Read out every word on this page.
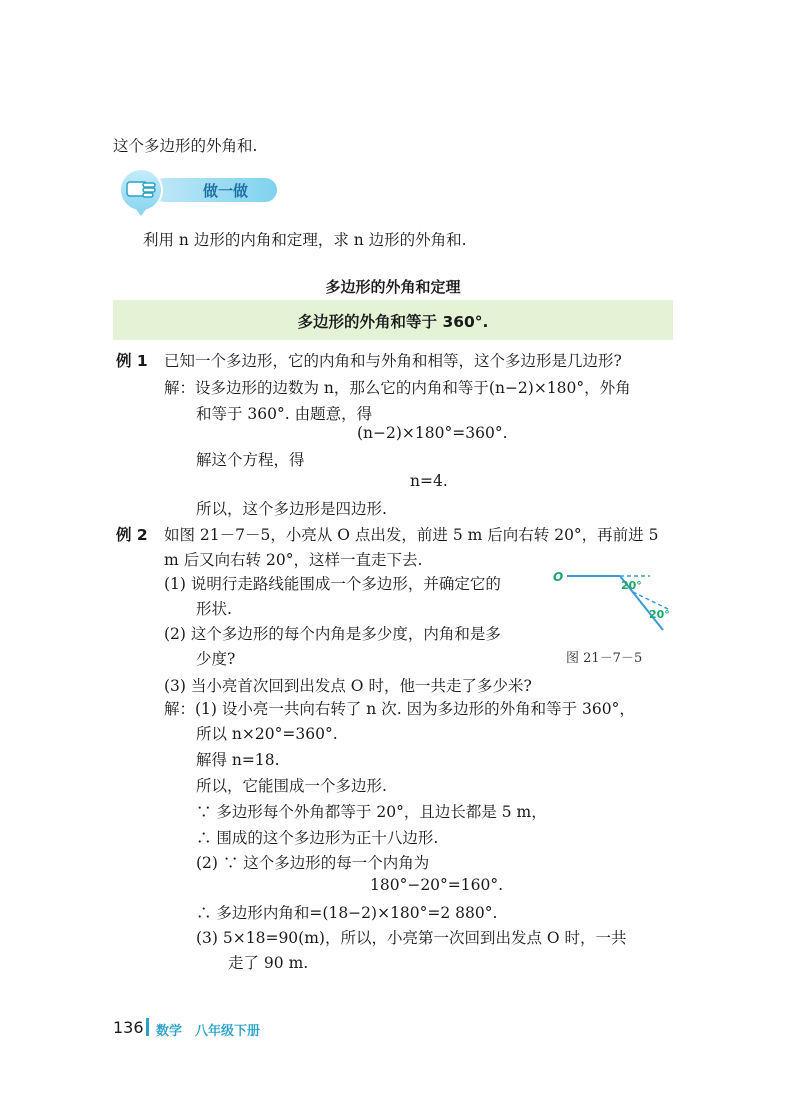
这个多边形的外角和.
做一做
利用 n 边形的内角和定理，求 n 边形的外角和.
多边形的外角和定理
多边形的外角和等于 360°.
例 1 已知一个多边形，它的内角和与外角和相等，这个多边形是几边形?
解：设多边形的边数为 n，那么它的内角和等于(n−2)×180°，外角
和等于 360°. 由题意，得
(n−2)×180°=360°.
解这个方程，得
n=4.
所以，这个多边形是四边形.
例 2 如图 21－7－5，小亮从 O 点出发，前进 5 m 后向右转 20°，再前进 5
m 后又向右转 20°，这样一直走下去.
(1) 说明行走路线能围成一个多边形，并确定它的
形状.
(2) 这个多边形的每个内角是多少度，内角和是多
少度?
(3) 当小亮首次回到出发点 O 时，他一共走了多少米?
O
20°
20°
图 21－7－5
解：(1) 设小亮一共向右转了 n 次. 因为多边形的外角和等于 360°，
所以 n×20°=360°.
解得 n=18.
所以，它能围成一个多边形.
∵ 多边形每个外角都等于 20°，且边长都是 5 m，
∴ 围成的这个多边形为正十八边形.
(2) ∵ 这个多边形的每一个内角为
180°−20°=160°.
∴ 多边形内角和=(18−2)×180°=2 880°.
(3) 5×18=90(m)，所以，小亮第一次回到出发点 O 时，一共
走了 90 m.
136 数学　八年级下册
